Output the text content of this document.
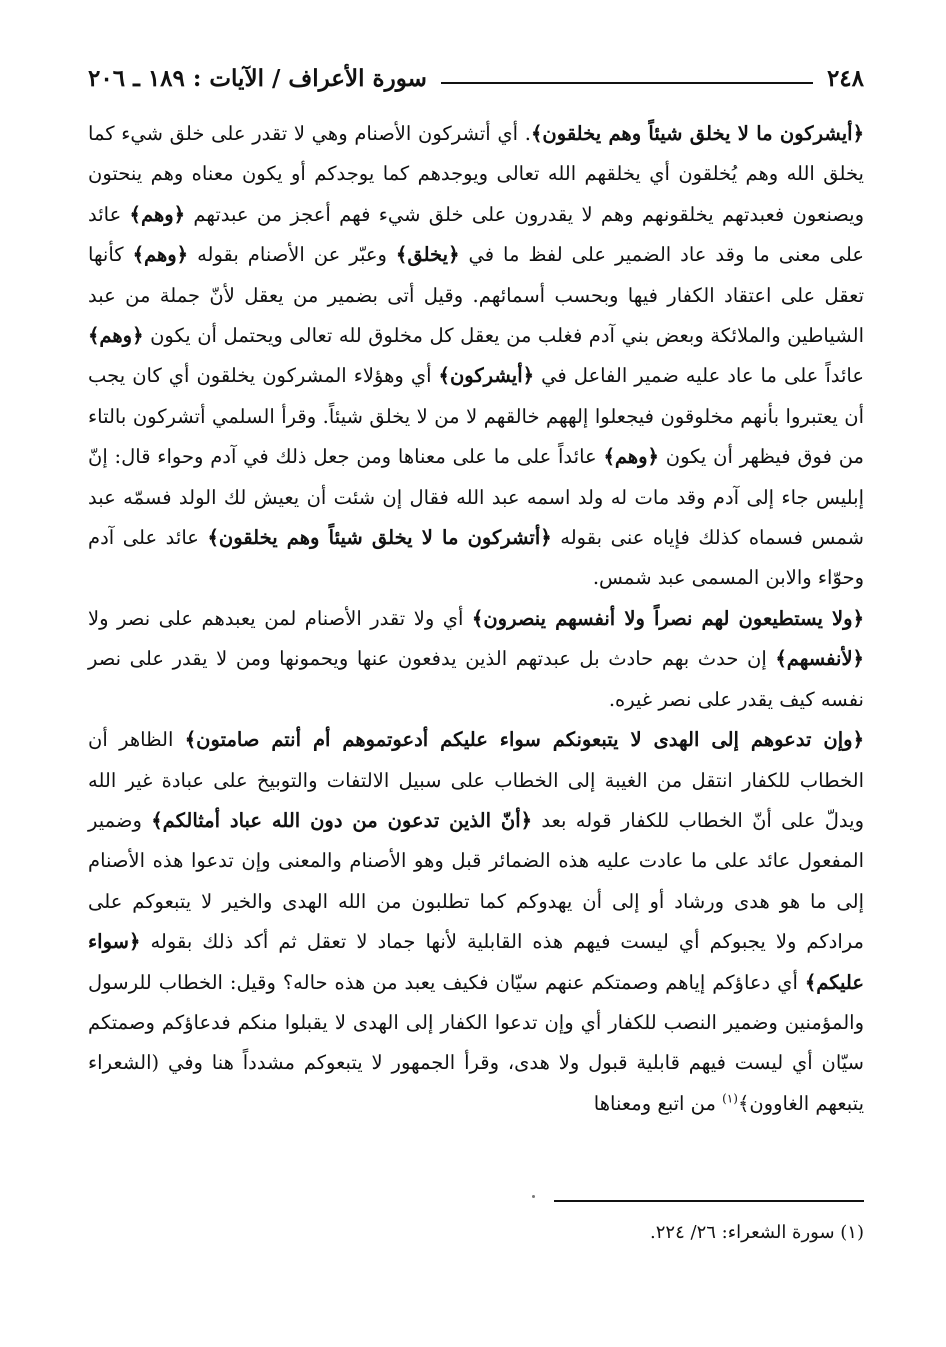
٢٤٨
سورة الأعراف / الآيات : ١٨٩ ـ ٢٠٦

﴿أيشركون ما لا يخلق شيئاً وهم يخلقون﴾. أي أتشركون الأصنام وهي لا تقدر على خلق شيء كما يخلق الله وهم يُخلقون أي يخلقهم الله تعالى ويوجدهم كما يوجدكم أو يكون معناه وهم ينحتون ويصنعون فعبدتهم يخلقونهم وهم لا يقدرون على خلق شيء فهم أعجز من عبدتهم ﴿وهم﴾ عائد على معنى ما وقد عاد الضمير على لفظ ما في ﴿يخلق﴾ وعبّر عن الأصنام بقوله ﴿وهم﴾ كأنها تعقل على اعتقاد الكفار فيها وبحسب أسمائهم. وقيل أتى بضمير من يعقل لأنّ جملة من عبد الشياطين والملائكة وبعض بني آدم فغلب من يعقل كل مخلوق لله تعالى ويحتمل أن يكون ﴿وهم﴾ عائداً على ما عاد عليه ضمير الفاعل في ﴿أيشركون﴾ أي وهؤلاء المشركون يخلقون أي كان يجب أن يعتبروا بأنهم مخلوقون فيجعلوا إلههم خالقهم لا من لا يخلق شيئاً. وقرأ السلمي أتشركون بالتاء من فوق فيظهر أن يكون ﴿وهم﴾ عائداً على ما على معناها ومن جعل ذلك في آدم وحواء قال: إنّ إبليس جاء إلى آدم وقد مات له ولد اسمه عبد الله فقال إن شئت أن يعيش لك الولد فسمّه عبد شمس فسماه كذلك فإياه عنى بقوله ﴿أتشركون ما لا يخلق شيئاً وهم يخلقون﴾ عائد على آدم وحوّاء والابن المسمى عبد شمس.

﴿ولا يستطيعون لهم نصراً ولا أنفسهم ينصرون﴾ أي ولا تقدر الأصنام لمن يعبدهم على نصر ولا ﴿لأنفسهم﴾ إن حدث بهم حادث بل عبدتهم الذين يدفعون عنها ويحمونها ومن لا يقدر على نصر نفسه كيف يقدر على نصر غيره.

﴿وإن تدعوهم إلى الهدى لا يتبعونكم سواء عليكم أدعوتموهم أم أنتم صامتون﴾ الظاهر أن الخطاب للكفار انتقل من الغيبة إلى الخطاب على سبيل الالتفات والتوبيخ على عبادة غير الله ويدلّ على أنّ الخطاب للكفار قوله بعد ﴿أنّ الذين تدعون من دون الله عباد أمثالكم﴾ وضمير المفعول عائد على ما عادت عليه هذه الضمائر قبل وهو الأصنام والمعنى وإن تدعوا هذه الأصنام إلى ما هو هدى ورشاد أو إلى أن يهدوكم كما تطلبون من الله الهدى والخير لا يتبعوكم على مرادكم ولا يجبوكم أي ليست فيهم هذه القابلية لأنها جماد لا تعقل ثم أكد ذلك بقوله ﴿سواء عليكم﴾ أي دعاؤكم إياهم وصمتكم عنهم سيّان فكيف يعبد من هذه حاله؟ وقيل: الخطاب للرسول والمؤمنين وضمير النصب للكفار أي وإن تدعوا الكفار إلى الهدى لا يقبلوا منكم فدعاؤكم وصمتكم سيّان أي ليست فيهم قابلية قبول ولا هدى، وقرأ الجمهور لا يتبعوكم مشدداً هنا وفي (الشعراء يتبعهم الغاوون﴾$^{(١)}$ من اتبع ومعناها

(١) سورة الشعراء: ٢٦/ ٢٢٤.
